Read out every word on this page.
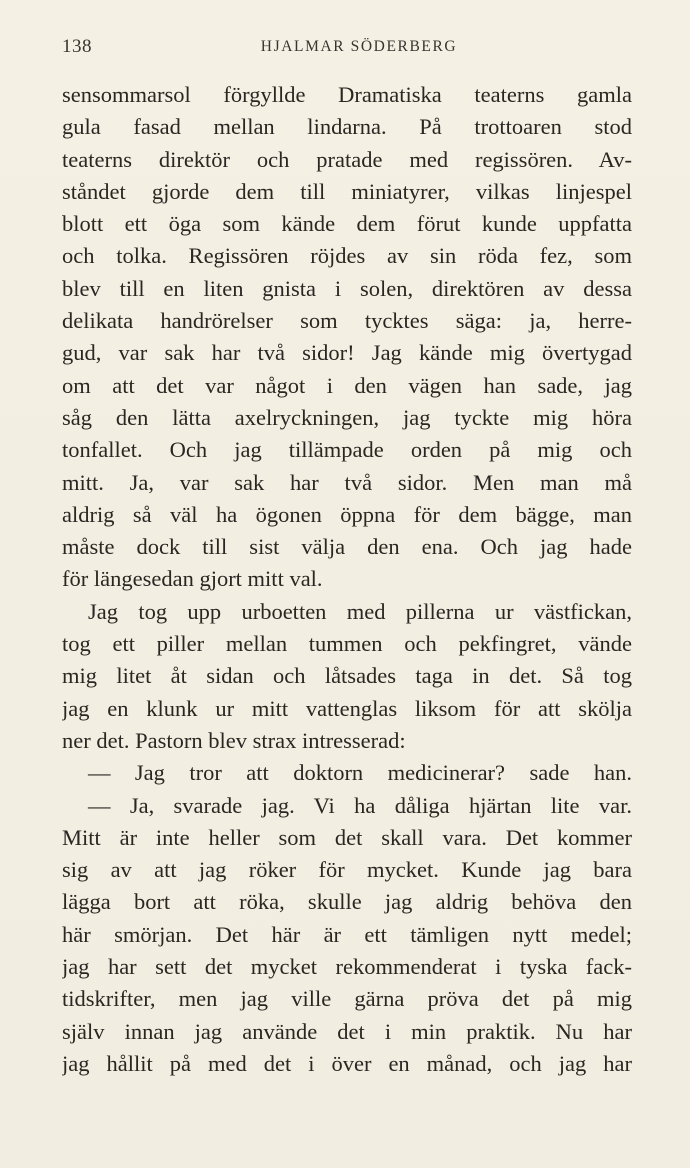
138	HJALMAR SÖDERBERG
sensommarsol förgyllde Dramatiska teaterns gamla
gula fasad mellan lindarna. På trottoaren stod
teaterns direktör och pratade med regissören. Av-
ståndet gjorde dem till miniatyrer, vilkas linjespel
blott ett öga som kände dem förut kunde uppfatta
och tolka. Regissören röjdes av sin röda fez, som
blev till en liten gnista i solen, direktören av dessa
delikata handrörelser som tycktes säga: ja, herre-
gud, var sak har två sidor! Jag kände mig övertygad
om att det var något i den vägen han sade, jag
såg den lätta axelryckningen, jag tyckte mig höra
tonfallet. Och jag tillämpade orden på mig och
mitt. Ja, var sak har två sidor. Men man må
aldrig så väl ha ögonen öppna för dem bägge, man
måste dock till sist välja den ena. Och jag hade
för längesedan gjort mitt val.
Jag tog upp urboetten med pillerna ur västfickan,
tog ett piller mellan tummen och pekfingret, vände
mig litet åt sidan och låtsades taga in det. Så tog
jag en klunk ur mitt vattenglas liksom för att skölja
ner det. Pastorn blev strax intresserad:
— Jag tror att doktorn medicinerar? sade han.
— Ja, svarade jag. Vi ha dåliga hjärtan lite var.
Mitt är inte heller som det skall vara. Det kommer
sig av att jag röker för mycket. Kunde jag bara
lägga bort att röka, skulle jag aldrig behöva den
här smörjan. Det här är ett tämligen nytt medel;
jag har sett det mycket rekommenderat i tyska fack-
tidskrifter, men jag ville gärna pröva det på mig
själv innan jag använde det i min praktik. Nu har
jag hållit på med det i över en månad, och jag har
